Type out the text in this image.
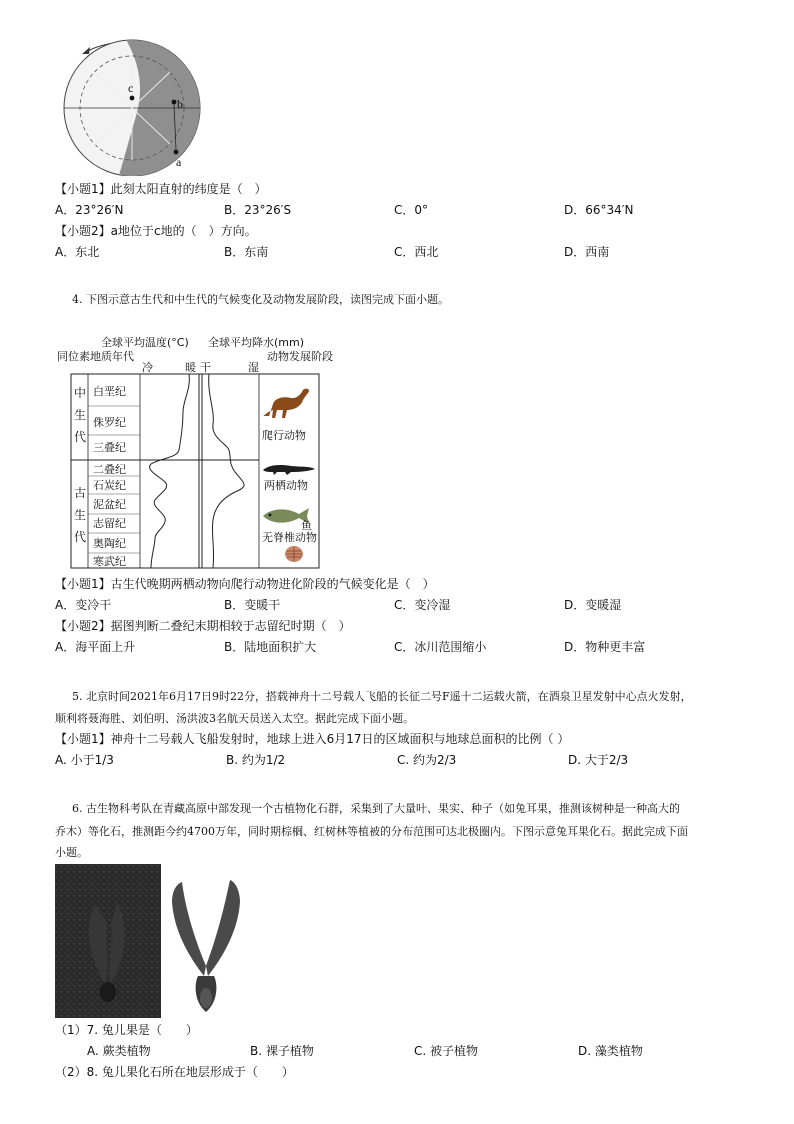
c
b
a
【小题1】此刻太阳直射的纬度是（　）
A．23°26′N	B．23°26′S	C．0°	D．66°34′N
【小题2】a地位于c地的（　）方向。
A．东北	B．东南	C．西北	D．西南
4. 下图示意古生代和中生代的气候变化及动物发展阶段，读图完成下面小题。
全球平均温度(°C) 全球平均降水(mm)
同位素地质年代	动物发展阶段
冷	暖 干	湿
中
生
代
古
生
代
白垩纪
侏罗纪
三叠纪
二叠纪
石炭纪
泥盆纪
志留纪
奥陶纪
寒武纪
爬行动物
两栖动物
鱼
无脊椎动物
【小题1】古生代晚期两栖动物向爬行动物进化阶段的气候变化是（　）
A．变冷干	B．变暖干	C．变冷湿	D．变暖湿
【小题2】据图判断二叠纪末期相较于志留纪时期（　）
A．海平面上升	B．陆地面积扩大	C．冰川范围缩小	D．物种更丰富
5. 北京时间2021年6月17日9时22分，搭载神舟十二号载人飞船的长征二号F遥十二运载火箭，在酒泉卫星发射中心点火发射，
顺利将聂海胜、刘伯明、汤洪波3名航天员送入太空。据此完成下面小题。
【小题1】神舟十二号载人飞船发射时，地球上进入6月17日的区域面积与地球总面积的比例（ ）
A. 小于1/3	B. 约为1/2	C. 约为2/3	D. 大于2/3
6. 古生物科考队在青藏高原中部发现一个古植物化石群，采集到了大量叶、果实、种子（如兔耳果，推测该树种是一种高大的
乔木）等化石，推测距今约4700万年，同时期棕榈、红树林等植被的分布范围可达北极圈内。下图示意兔耳果化石。据此完成下面
小题。
（1）7. 兔儿果是（　　）
A. 蕨类植物	B. 裸子植物	C. 被子植物	D. 藻类植物
（2）8. 兔儿果化石所在地层形成于（　　）
